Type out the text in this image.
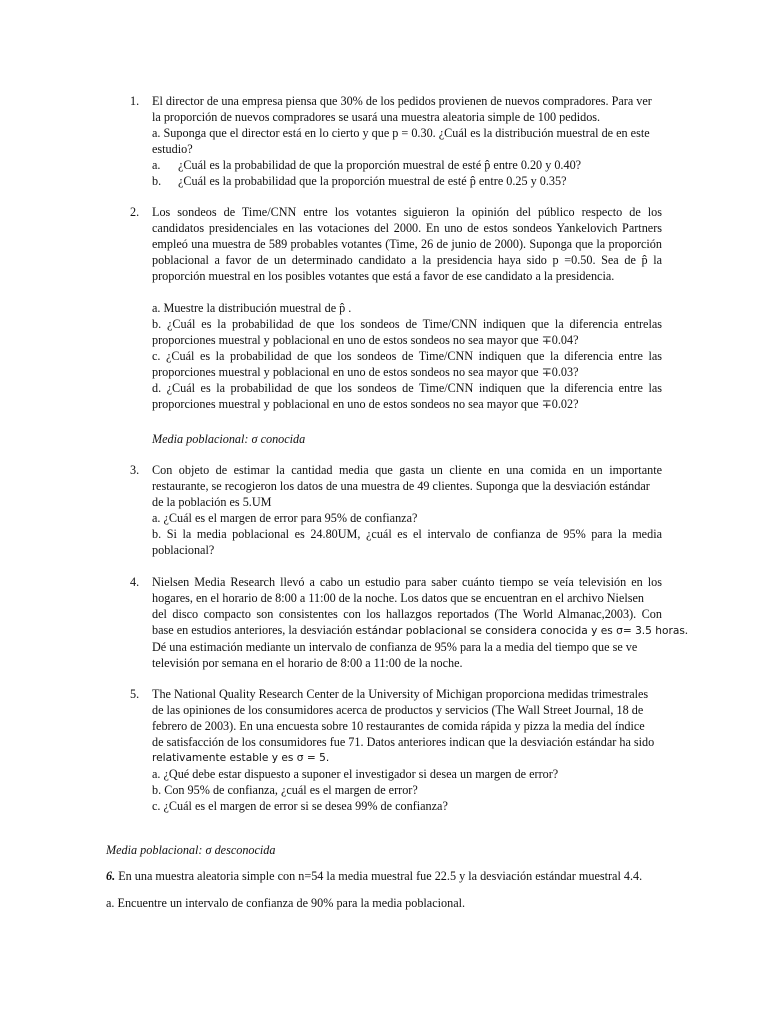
1. El director de una empresa piensa que 30% de los pedidos provienen de nuevos compradores. Para ver
la proporción de nuevos compradores se usará una muestra aleatoria simple de 100 pedidos.
a. Suponga que el director está en lo cierto y que p = 0.30. ¿Cuál es la distribución muestral de en este
estudio?
a. ¿Cuál es la probabilidad de que la proporción muestral de esté p̂ entre 0.20 y 0.40?
b. ¿Cuál es la probabilidad que la proporción muestral de esté p̂ entre 0.25 y 0.35?
2. Los sondeos de Time/CNN entre los votantes siguieron la opinión del público respecto de los
candidatos presidenciales en las votaciones del 2000. En uno de estos sondeos Yankelovich Partners
empleó una muestra de 589 probables votantes (Time, 26 de junio de 2000). Suponga que la proporción
poblacional a favor de un determinado candidato a la presidencia haya sido p =0.50. Sea de p̂ la
proporción muestral en los posibles votantes que está a favor de ese candidato a la presidencia.
a. Muestre la distribución muestral de p̂ .
b. ¿Cuál es la probabilidad de que los sondeos de Time/CNN indiquen que la diferencia entrelas
proporciones muestral y poblacional en uno de estos sondeos no sea mayor que ∓0.04?
c. ¿Cuál es la probabilidad de que los sondeos de Time/CNN indiquen que la diferencia entre las
proporciones muestral y poblacional en uno de estos sondeos no sea mayor que ∓0.03?
d. ¿Cuál es la probabilidad de que los sondeos de Time/CNN indiquen que la diferencia entre las
proporciones muestral y poblacional en uno de estos sondeos no sea mayor que ∓0.02?
Media poblacional: σ conocida
3. Con objeto de estimar la cantidad media que gasta un cliente en una comida en un importante
restaurante, se recogieron los datos de una muestra de 49 clientes. Suponga que la desviación estándar
de la población es 5.UM
a. ¿Cuál es el margen de error para 95% de confianza?
b. Si la media poblacional es 24.80UM, ¿cuál es el intervalo de confianza de 95% para la media
poblacional?
4. Nielsen Media Research llevó a cabo un estudio para saber cuánto tiempo se veía televisión en los
hogares, en el horario de 8:00 a 11:00 de la noche. Los datos que se encuentran en el archivo Nielsen
del disco compacto son consistentes con los hallazgos reportados (The World Almanac,2003). Con
base en estudios anteriores, la desviación estándar poblacional se considera conocida y es σ= 3.5 horas.
Dé una estimación mediante un intervalo de confianza de 95% para la a media del tiempo que se ve
televisión por semana en el horario de 8:00 a 11:00 de la noche.
5. The National Quality Research Center de la University of Michigan proporciona medidas trimestrales
de las opiniones de los consumidores acerca de productos y servicios (The Wall Street Journal, 18 de
febrero de 2003). En una encuesta sobre 10 restaurantes de comida rápida y pizza la media del índice
de satisfacción de los consumidores fue 71. Datos anteriores indican que la desviación estándar ha sido
relativamente estable y es σ = 5.
a. ¿Qué debe estar dispuesto a suponer el investigador si desea un margen de error?
b. Con 95% de confianza, ¿cuál es el margen de error?
c. ¿Cuál es el margen de error si se desea 99% de confianza?
Media poblacional: σ desconocida
6. En una muestra aleatoria simple con n=54 la media muestral fue 22.5 y la desviación estándar muestral 4.4.
a. Encuentre un intervalo de confianza de 90% para la media poblacional.
